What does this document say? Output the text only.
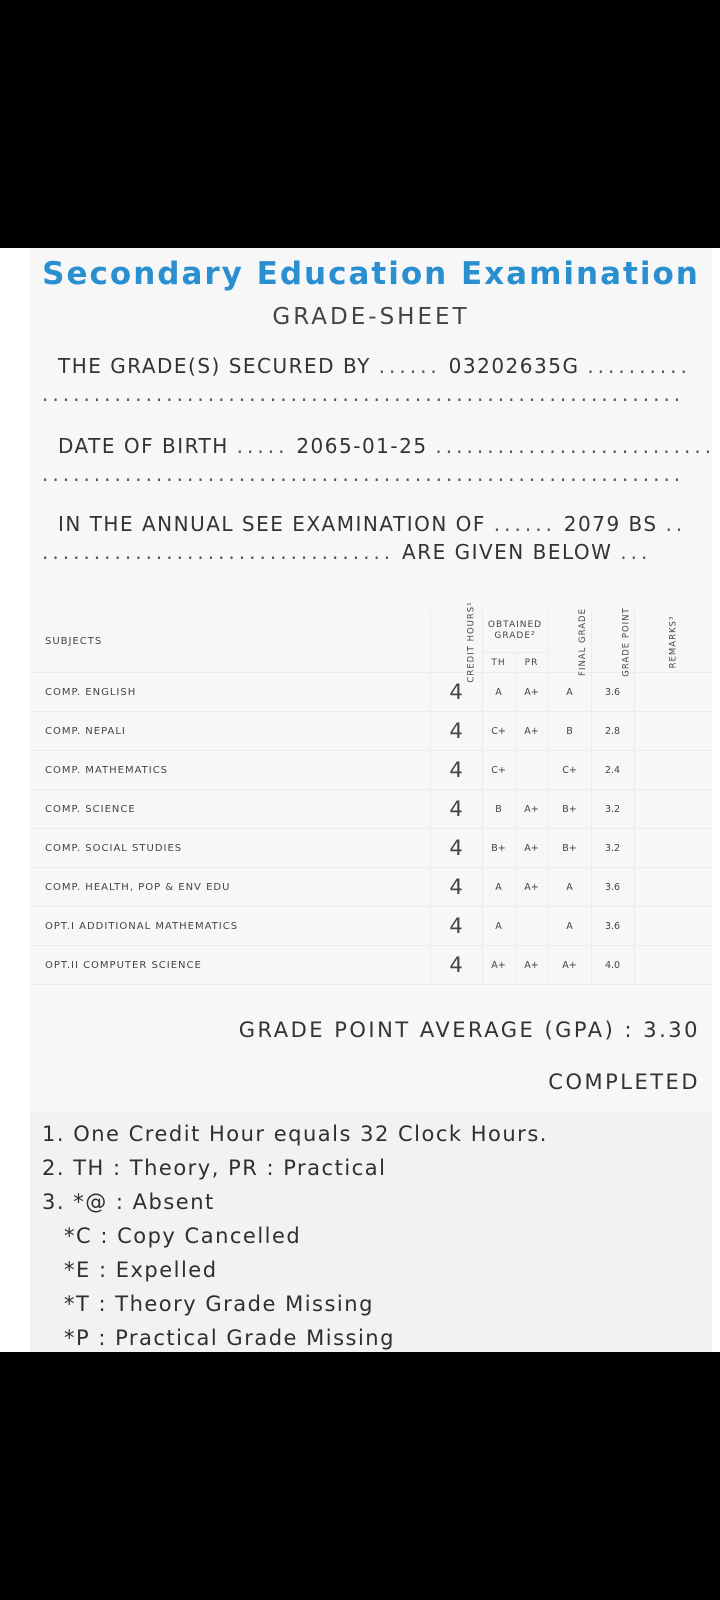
Secondary Education Examination
GRADE-SHEET
THE GRADE(S) SECURED BY ...... 03202635G ..........
..............................................................
DATE OF BIRTH ..... 2065-01-25 ...........................
..............................................................
IN THE ANNUAL SEE EXAMINATION OF ...... 2079 BS ..
.................................. ARE GIVEN BELOW ...
SUBJECTS	CREDIT HOURS¹	OBTAINED GRADE²
TH PR		FINAL GRADE	GRADE POINT	REMARKS³
COMP. ENGLISH	4	A	A+	A	3.6	
COMP. NEPALI	4	C+	A+	B	2.8	
COMP. MATHEMATICS	4	C+		C+	2.4	
COMP. SCIENCE	4	B	A+	B+	3.2	
COMP. SOCIAL STUDIES	4	B+	A+	B+	3.2	
COMP. HEALTH, POP & ENV EDU	4	A	A+	A	3.6	
OPT.I ADDITIONAL MATHEMATICS	4	A		A	3.6	
OPT.II COMPUTER SCIENCE	4	A+	A+	A+	4.0	
GRADE POINT AVERAGE (GPA) : 3.30
COMPLETED
1. One Credit Hour equals 32 Clock Hours.
2. TH : Theory, PR : Practical
3. *@ : Absent
*C : Copy Cancelled
*E : Expelled
*T : Theory Grade Missing
*P : Practical Grade Missing
